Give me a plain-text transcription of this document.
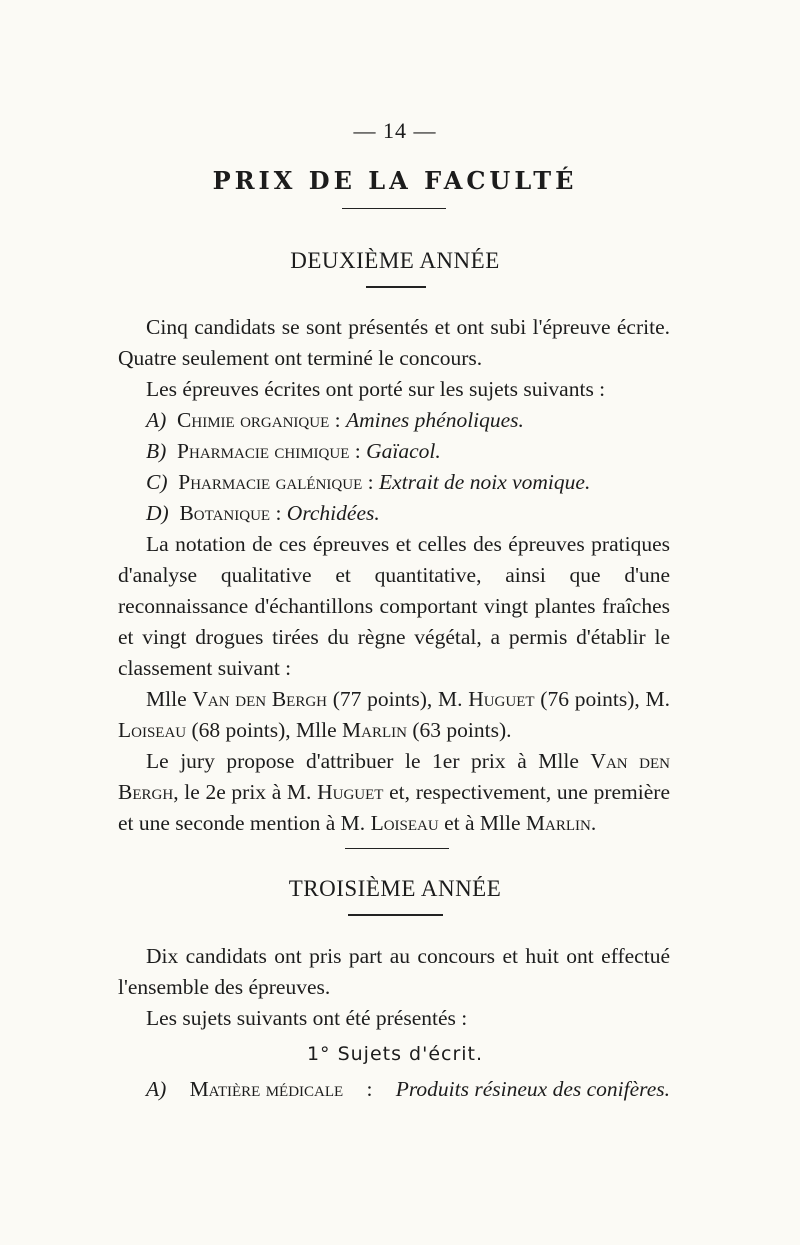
— 14 —
PRIX DE LA FACULTÉ
DEUXIÈME ANNÉE
Cinq candidats se sont présentés et ont subi l'épreuve écrite. Quatre seulement ont terminé le concours.
Les épreuves écrites ont porté sur les sujets suivants :
A) Chimie organique : Amines phénoliques.
B) Pharmacie chimique : Gaïacol.
C) Pharmacie galénique : Extrait de noix vomique.
D) Botanique : Orchidées.
La notation de ces épreuves et celles des épreuves pratiques d'analyse qualitative et quantitative, ainsi que d'une reconnaissance d'échantillons comportant vingt plantes fraîches et vingt drogues tirées du règne végétal, a permis d'établir le classement suivant :
Mlle Van den Bergh (77 points), M. Huguet (76 points), M. Loiseau (68 points), Mlle Marlin (63 points).
Le jury propose d'attribuer le 1er prix à Mlle Van den Bergh, le 2e prix à M. Huguet et, respectivement, une première et une seconde mention à M. Loiseau et à Mlle Marlin.
TROISIÈME ANNÉE
Dix candidats ont pris part au concours et huit ont effectué l'ensemble des épreuves.
Les sujets suivants ont été présentés :
1° Sujets d'écrit.
A) Matière médicale : Produits résineux des conifères.
